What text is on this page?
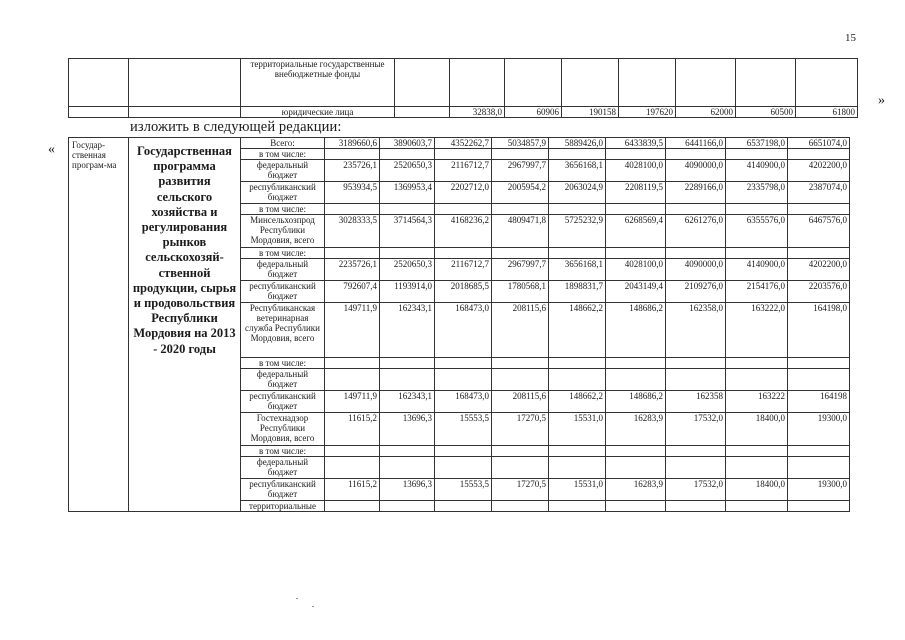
15
»
«
изложить в следующей редакции:
		территориальные государственные внебюджетные фонды								
		юридические лица		32838,0	60906	190158	197620	62000	60500	61800
Государ-ственная програм-ма	Государственная программа развития сельского хозяйства и регулирования рынков сельскохозяй-ственной продукции, сырья и продовольствия Республики Мордовия на 2013 - 2020 годы	Всего:	3189660,6	3890603,7	4352262,7	5034857,9	5889426,0	6433839,5	6441166,0	6537198,0	6651074,0
		в том числе:									
		федеральный бюджет	235726,1	2520650,3	2116712,7	2967997,7	3656168,1	4028100,0	4090000,0	4140900,0	4202200,0
		республиканский бюджет	953934,5	1369953,4	2202712,0	2005954,2	2063024,9	2208119,5	2289166,0	2335798,0	2387074,0
		в том числе:									
		Минсельхозпрод Республики Мордовия, всего	3028333,5	3714564,3	4168236,2	4809471,8	5725232,9	6268569,4	6261276,0	6355576,0	6467576,0
		в том числе:									
		федеральный бюджет	2235726,1	2520650,3	2116712,7	2967997,7	3656168,1	4028100,0	4090000,0	4140900,0	4202200,0
		республиканский бюджет	792607,4	1193914,0	2018685,5	1780568,1	1898831,7	2043149,4	2109276,0	2154176,0	2203576,0
		Республиканская ветеринарная служба Республики Мордовия, всего	149711,9	162343,1	168473,0	208115,6	148662,2	148686,2	162358,0	163222,0	164198,0
		в том числе:									
		федеральный бюджет									
		республиканский бюджет	149711,9	162343,1	168473,0	208115,6	148662,2	148686,2	162358	163222	164198
		Гостехнадзор Республики Мордовия, всего	11615,2	13696,3	15553,5	17270,5	15531,0	16283,9	17532,0	18400,0	19300,0
		в том числе:									
		федеральный бюджет									
		республиканский бюджет	11615,2	13696,3	15553,5	17270,5	15531,0	16283,9	17532,0	18400,0	19300,0
		территориальные									
